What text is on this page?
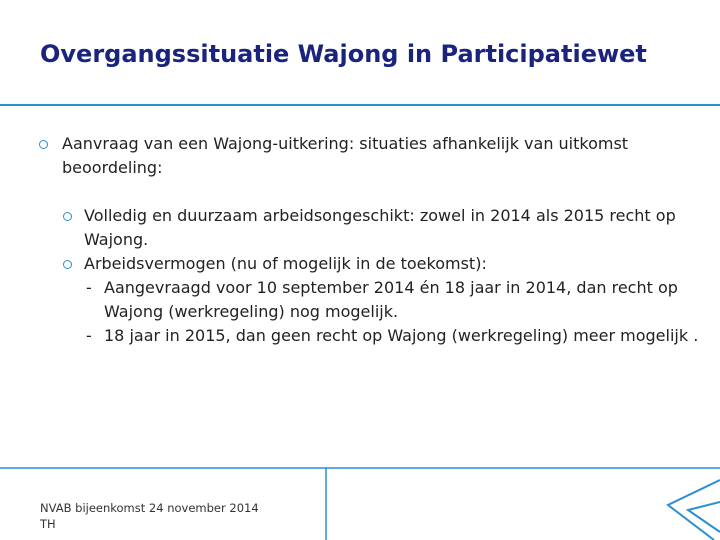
Overgangssituatie Wajong in Participatiewet

Aanvraag van een Wajong-uitkering: situaties afhankelijk van uitkomst beoordeling:

Volledig en duurzaam arbeidsongeschikt: zowel in 2014 als 2015 recht op Wajong.

Arbeidsvermogen (nu of mogelijk in de toekomst):

- Aangevraagd voor 10 september 2014 én 18 jaar in 2014, dan recht op Wajong (werkregeling) nog mogelijk.

- 18 jaar in 2015, dan geen recht op Wajong (werkregeling) meer mogelijk .

NVAB bijeenkomst 24 november 2014
TH
